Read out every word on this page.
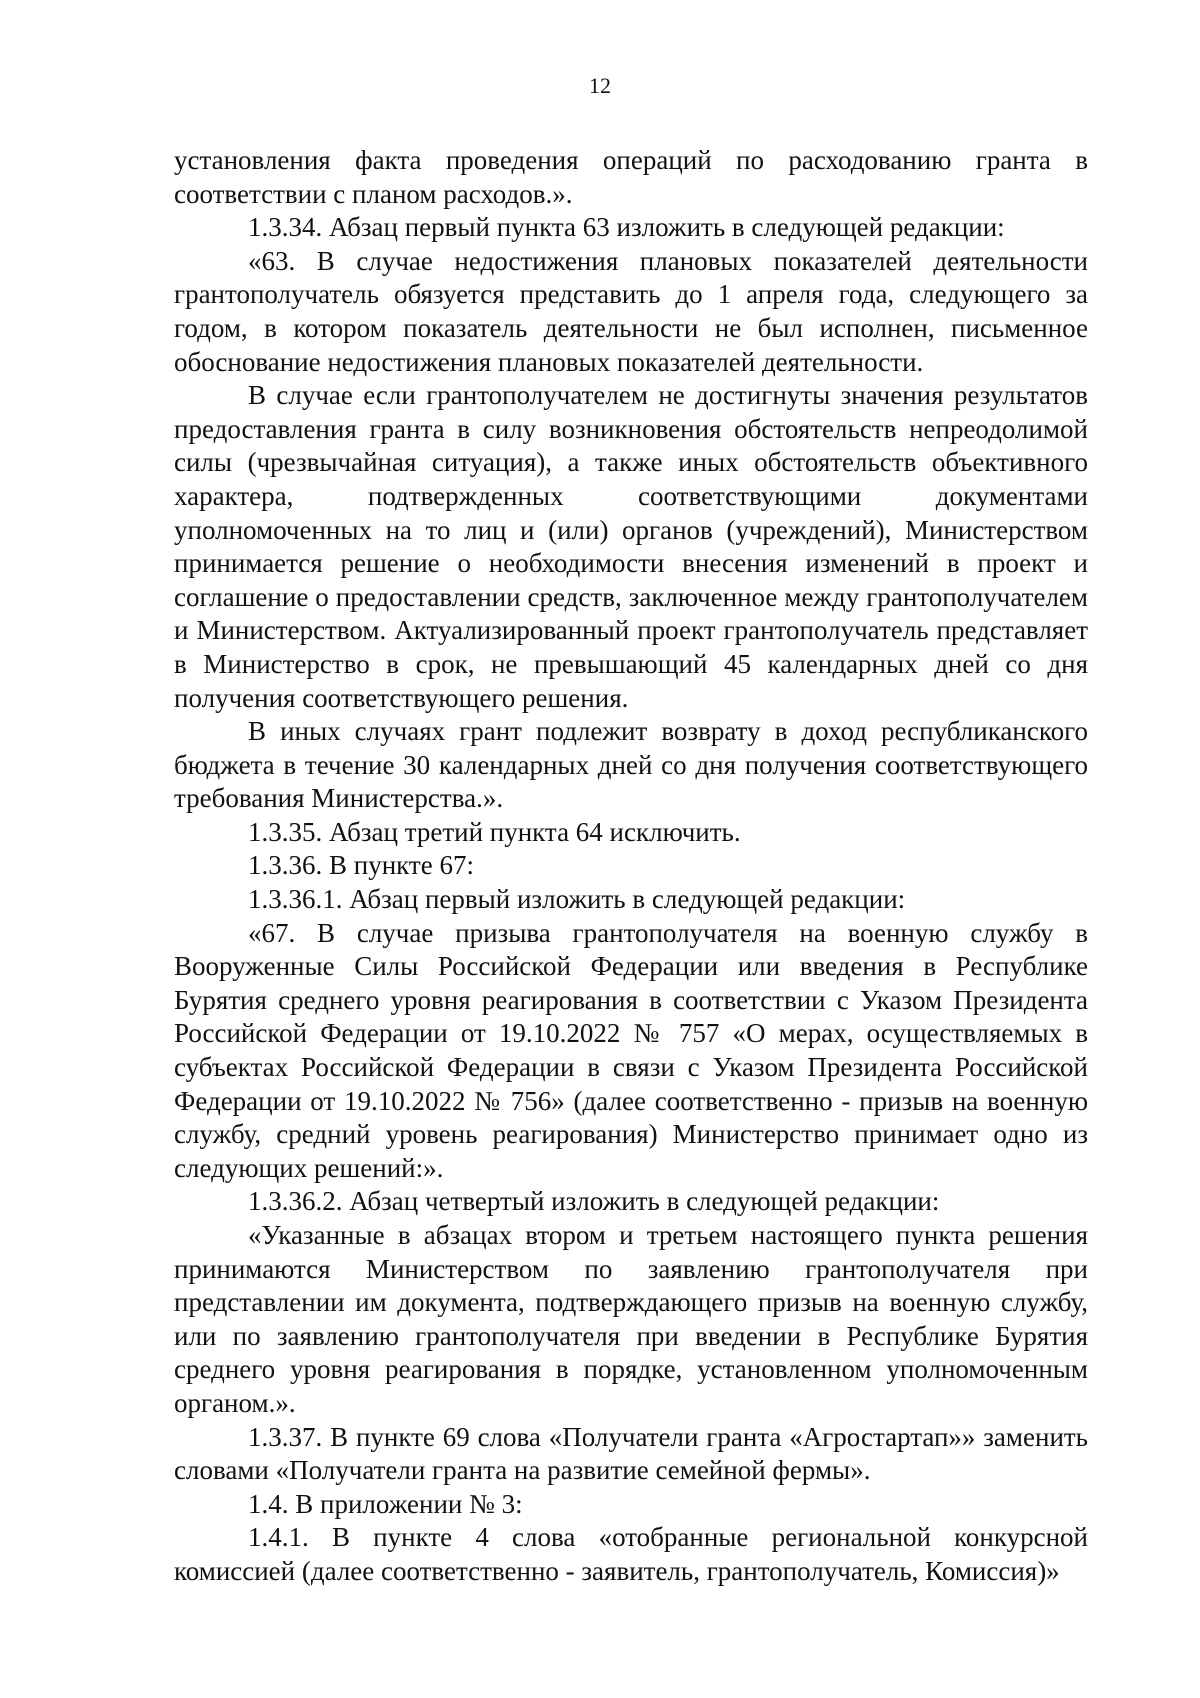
12

установления факта проведения операций по расходованию гранта в соответствии с планом расходов.».

1.3.34. Абзац первый пункта 63 изложить в следующей редакции:

«63. В случае недостижения плановых показателей деятельности грантополучатель обязуется представить до 1 апреля года, следующего за годом, в котором показатель деятельности не был исполнен, письменное обоснование недостижения плановых показателей деятельности.

В случае если грантополучателем не достигнуты значения результатов предоставления гранта в силу возникновения обстоятельств непреодолимой силы (чрезвычайная ситуация), а также иных обстоятельств объективного характера, подтвержденных соответствующими документами уполномоченных на то лиц и (или) органов (учреждений), Министерством принимается решение о необходимости внесения изменений в проект и соглашение о предоставлении средств, заключенное между грантополучателем и Министерством. Актуализированный проект грантополучатель представляет в Министерство в срок, не превышающий 45 календарных дней со дня получения соответствующего решения.

В иных случаях грант подлежит возврату в доход республиканского бюджета в течение 30 календарных дней со дня получения соответствующего требования Министерства.».

1.3.35. Абзац третий пункта 64 исключить.

1.3.36. В пункте 67:

1.3.36.1. Абзац первый изложить в следующей редакции:

«67. В случае призыва грантополучателя на военную службу в Вооруженные Силы Российской Федерации или введения в Республике Бурятия среднего уровня реагирования в соответствии с Указом Президента Российской Федерации от 19.10.2022 № 757 «О мерах, осуществляемых в субъектах Российской Федерации в связи с Указом Президента Российской Федерации от 19.10.2022 № 756» (далее соответственно - призыв на военную службу, средний уровень реагирования) Министерство принимает одно из следующих решений:».

1.3.36.2. Абзац четвертый изложить в следующей редакции:

«Указанные в абзацах втором и третьем настоящего пункта решения принимаются Министерством по заявлению грантополучателя при представлении им документа, подтверждающего призыв на военную службу, или по заявлению грантополучателя при введении в Республике Бурятия среднего уровня реагирования в порядке, установленном уполномоченным органом.».

1.3.37. В пункте 69 слова «Получатели гранта «Агростартап»» заменить словами «Получатели гранта на развитие семейной фермы».

1.4. В приложении № 3:

1.4.1. В пункте 4 слова «отобранные региональной конкурсной комиссией (далее соответственно - заявитель, грантополучатель, Комиссия)»
